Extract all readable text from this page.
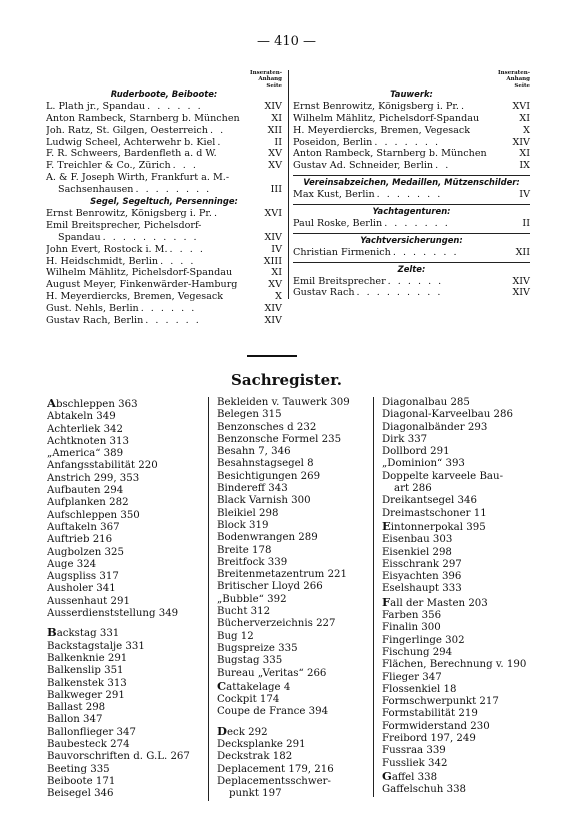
— 410 —
Inseraten-
Anhang
Seite
Ruderboote, Beiboote:
L. Plath jr., Spandau . . . . . .	XIV
Anton Rambeck, Starnberg b. München	XI
Joh. Ratz, St. Gilgen, Oesterreich . .	XII
Ludwig Scheel, Achterwehr b. Kiel .	II
F. R. Schweers, Bardenfleth a. d W.	XV
F. Treichler & Co., Zürich . . .	XV
A. & F. Joseph Wirth, Frankfurt a. M.-
Sachsenhausen . . . . . . . .	III
Segel, Segeltuch, Persenninge:
Ernst Benrowitz, Königsberg i. Pr. .	XVI
Emil Breitsprecher, Pichelsdorf-
Spandau . . . . . . . . . .	XIV
John Evert, Rostock i. M. . . . .	IV
H. Heidschmidt, Berlin . . . .	XIII
Wilhelm Mählitz, Pichelsdorf-Spandau	XI
August Meyer, Finkenwärder-Hamburg	XV
H. Meyerdiercks, Bremen, Vegesack	X
Gust. Nehls, Berlin . . . . . .	XIV
Gustav Rach, Berlin . . . . . .	XIV
Inseraten-
Anhang
Seite
Tauwerk:
Ernst Benrowitz, Königsberg i. Pr. .	XVI
Wilhelm Mählitz, Pichelsdorf-Spandau	XI
H. Meyerdiercks, Bremen, Vegesack	X
Poseidon, Berlin . . . . . . .	XIV
Anton Rambeck, Starnberg b. München	XI
Gustav Ad. Schneider, Berlin . .	IX
Vereinsabzeichen, Medaillen, Mützenschilder:
Max Kust, Berlin . . . . . . .	IV
Yachtagenturen:
Paul Roske, Berlin . . . . . . .	II
Yachtversicherungen:
Christian Firmenich . . . . . . .	XII
Zelte:
Emil Breitsprecher . . . . . .	XIV
Gustav Rach . . . . . . . . .	XIV
Sachregister.
Abschleppen 363
Abtakeln 349
Achterliek 342
Achtknoten 313
„America“ 389
Anfangsstabilität 220
Anstrich 299, 353
Aufbauten 294
Aufplanken 282
Aufschleppen 350
Auftakeln 367
Auftrieb 216
Augbolzen 325
Auge 324
Augspliss 317
Ausholer 341
Aussenhaut 291
Ausserdienststellung 349
Backstag 331
Backstagstalje 331
Balkenknie 291
Balkenslip 351
Balkenstek 313
Balkweger 291
Ballast 298
Ballon 347
Ballonflieger 347
Baubesteck 274
Bauvorschriften d. G.L. 267
Beeting 335
Beiboote 171
Beisegel 346
Bekleiden v. Tauwerk 309
Belegen 315
Benzonsches d 232
Benzonsche Formel 235
Besahn 7, 346
Besahnstagsegel 8
Besichtigungen 269
Bindereff 343
Black Varnish 300
Bleikiel 298
Block 319
Bodenwrangen 289
Breite 178
Breitfock 339
Breitenmetazentrum 221
Britischer Lloyd 266
„Bubble“ 392
Bucht 312
Bücherverzeichnis 227
Bug 12
Bugspreize 335
Bugstag 335
Bureau „Veritas“ 266
Cattakelage 4
Cockpit 174
Coupe de France 394
Deck 292
Decksplanke 291
Deckstrak 182
Deplacement 179, 216
Deplacementsschwer-
punkt 197
Diagonalbau 285
Diagonal-Karveelbau 286
Diagonalbänder 293
Dirk 337
Dollbord 291
„Dominion“ 393
Doppelte karveele Bau-
art 286
Dreikantsegel 346
Dreimastschoner 11
Eintonnerpokal 395
Eisenbau 303
Eisenkiel 298
Eisschrank 297
Eisyachten 396
Eselshaupt 333
Fall der Masten 203
Farben 356
Finalin 300
Fingerlinge 302
Fischung 294
Flächen, Berechnung v. 190
Flieger 347
Flossenkiel 18
Formschwerpunkt 217
Formstabilität 219
Formwiderstand 230
Freibord 197, 249
Fussraa 339
Fussliek 342
Gaffel 338
Gaffelschuh 338
